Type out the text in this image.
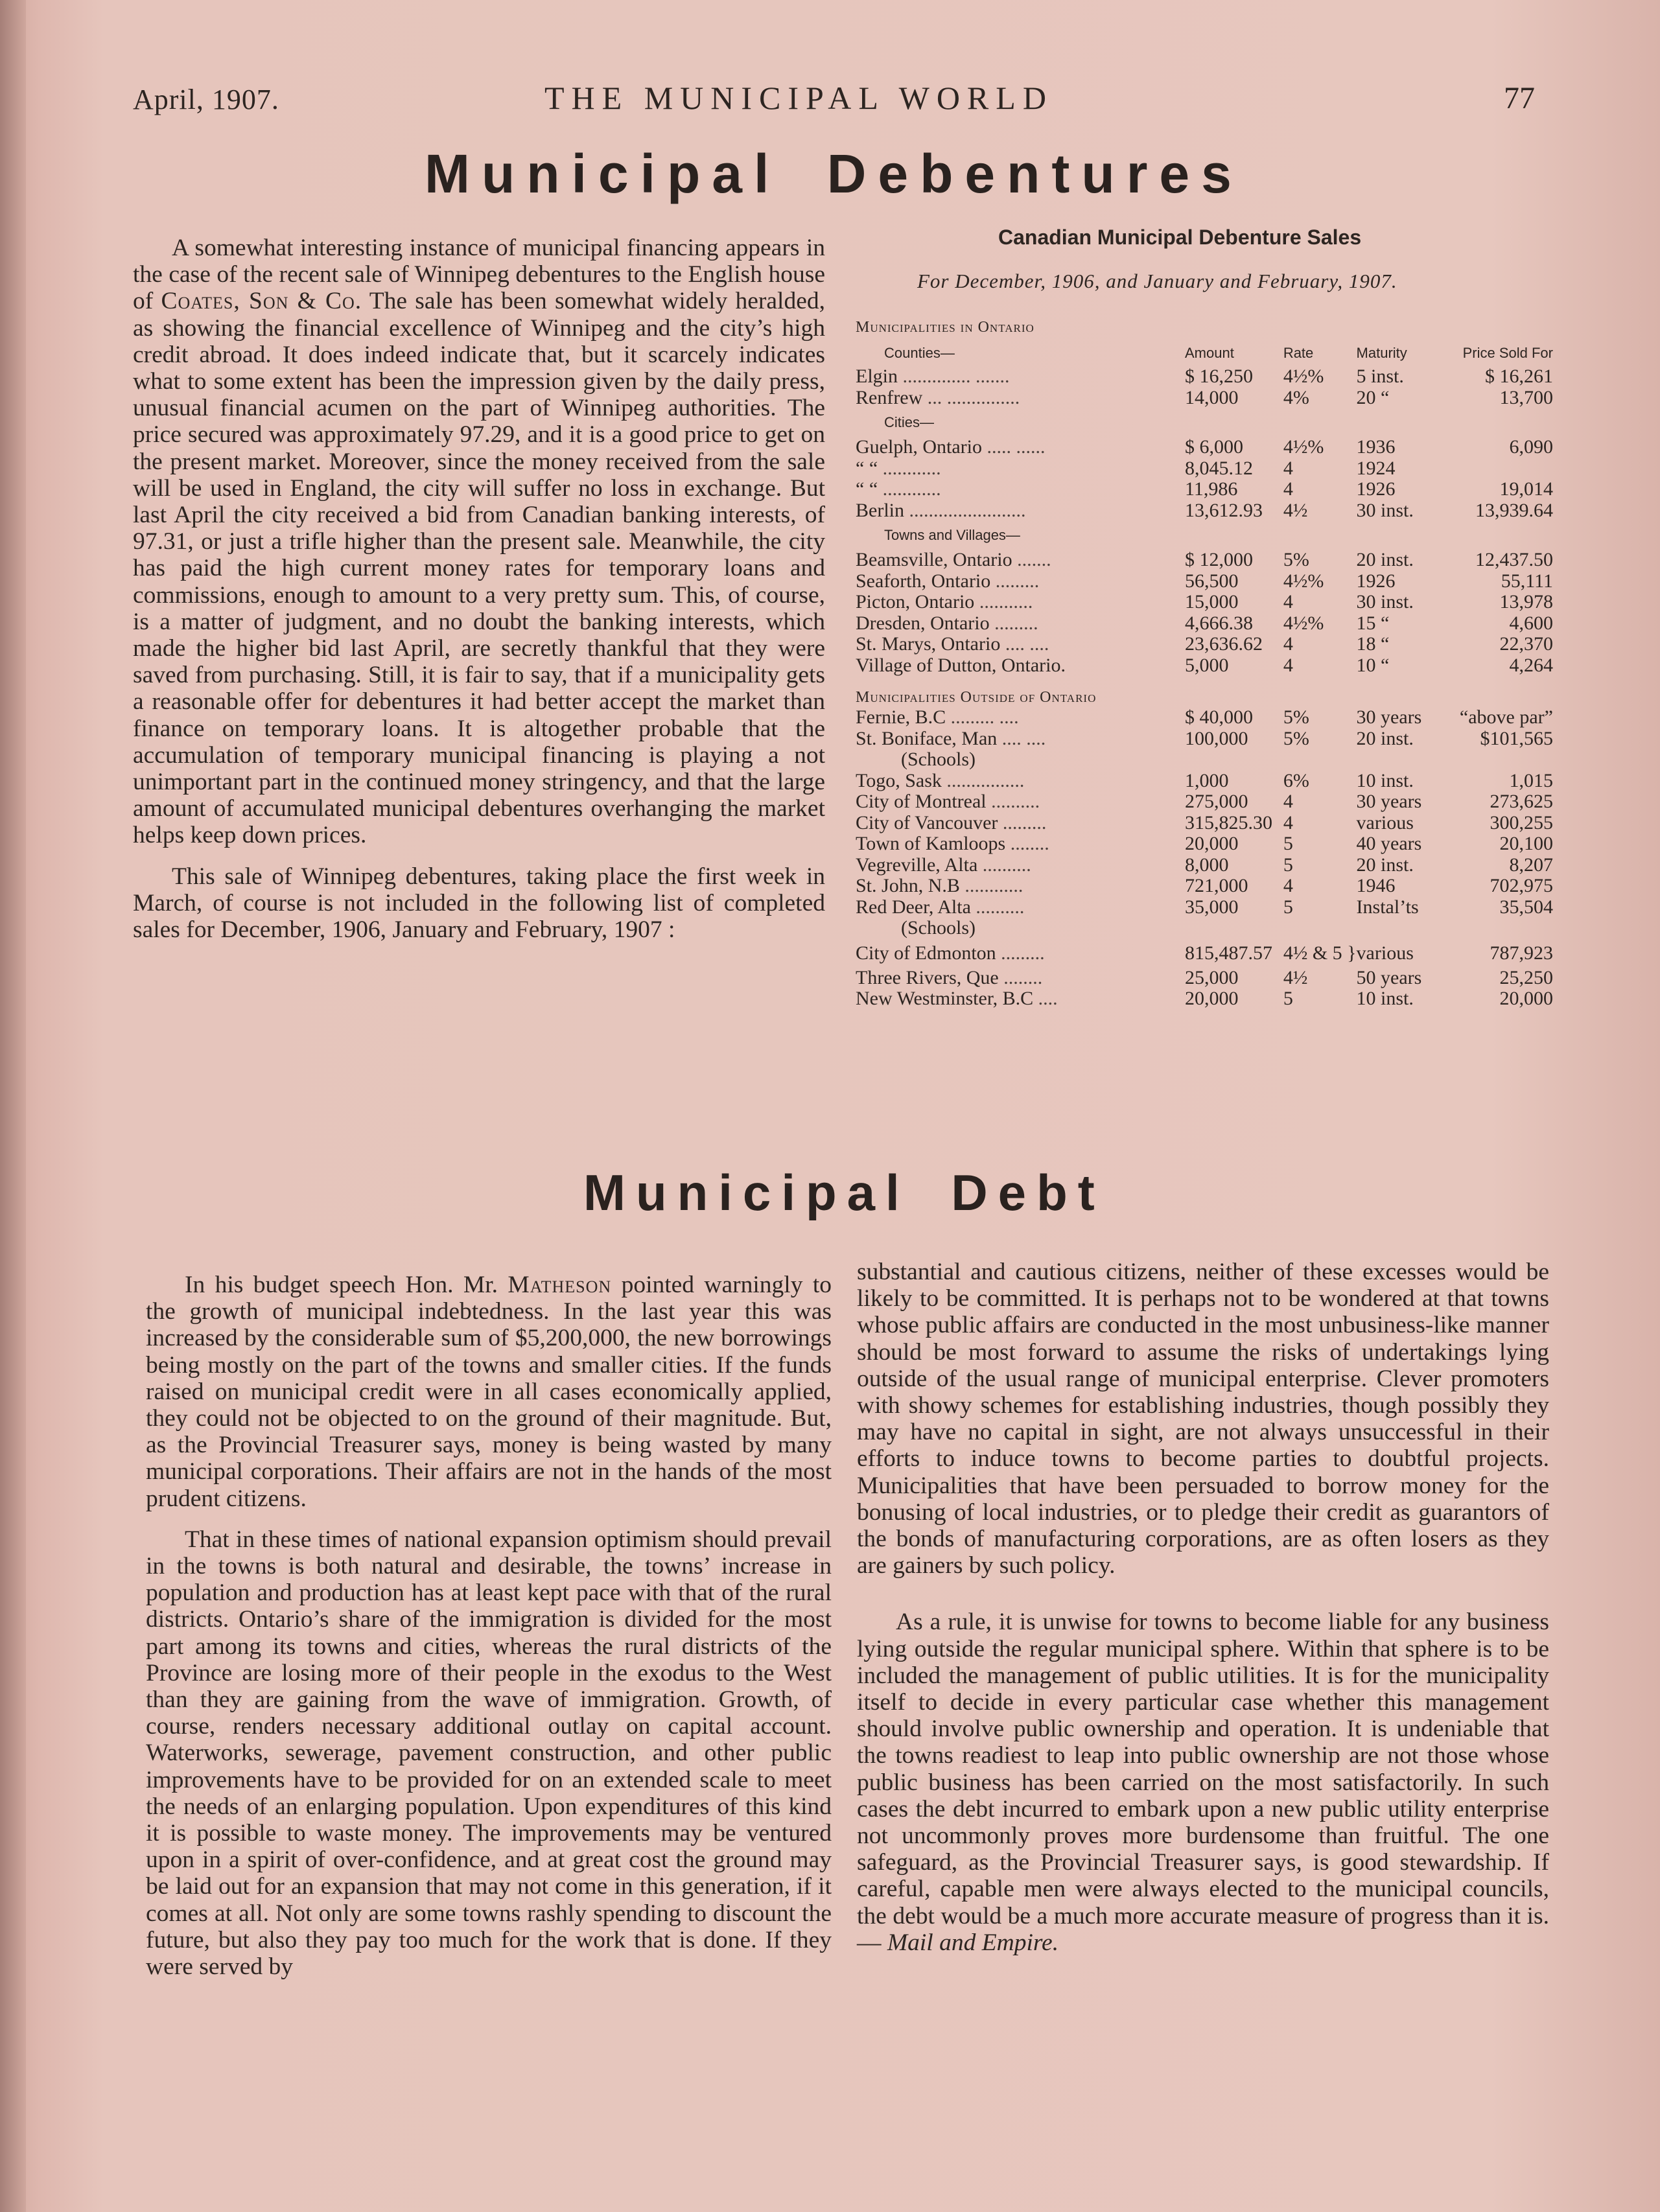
April, 1907.	THE MUNICIPAL WORLD	77
Municipal Debentures

A somewhat interesting instance of municipal financing appears in the case of the recent sale of Winnipeg debentures to the English house of Coates, Son & Co. The sale has been somewhat widely heralded, as showing the financial excellence of Winnipeg and the city’s high credit abroad. It does indeed indicate that, but it scarcely indicates what to some extent has been the impression given by the daily press, unusual financial acumen on the part of Winnipeg authorities. The price secured was approximately 97.29, and it is a good price to get on the present market. Moreover, since the money received from the sale will be used in England, the city will suffer no loss in exchange. But last April the city received a bid from Canadian banking interests, of 97.31, or just a trifle higher than the present sale. Meanwhile, the city has paid the high current money rates for temporary loans and commissions, enough to amount to a very pretty sum. This, of course, is a matter of judgment, and no doubt the banking interests, which made the higher bid last April, are secretly thankful that they were saved from purchasing. Still, it is fair to say, that if a municipality gets a reasonable offer for debentures it had better accept the market than finance on temporary loans. It is altogether probable that the accumulation of temporary municipal financing is playing a not unimportant part in the continued money stringency, and that the large amount of accumulated municipal debentures overhanging the market helps keep down prices.

This sale of Winnipeg debentures, taking place the first week in March, of course is not included in the following list of completed sales for December, 1906, January and February, 1907 :

Canadian Municipal Debenture Sales
For December, 1906, and January and February, 1907.
Municipalities in Ontario				
Counties—	Amount	Rate	Maturity	Price Sold For
Elgin .............. .......	$ 16,250	4½%	5 inst.	$ 16,261
Renfrew ... ...............	14,000	4%	20 “	13,700
Cities—				
Guelph, Ontario ..... ......	$ 6,000	4½%	1936	6,090
“ “ ............	8,045.12	4	1924	
“ “ ............	11,986	4	1926	19,014
Berlin ........................	13,612.93	4½	30 inst.	13,939.64
Towns and Villages—				
Beamsville, Ontario .......	$ 12,000	5%	20 inst.	12,437.50
Seaforth, Ontario .........	56,500	4½%	1926	55,111
Picton, Ontario ...........	15,000	4	30 inst.	13,978
Dresden, Ontario .........	4,666.38	4½%	15 “	4,600
St. Marys, Ontario .... ....	23,636.62	4	18 “	22,370
Village of Dutton, Ontario.	5,000	4	10 “	4,264

Municipalities Outside of Ontario				
Fernie, B.C ......... ....	$ 40,000	5%	30 years	“above par”
St. Boniface, Man .... ....	100,000	5%	20 inst.	$101,565
(Schools)				
Togo, Sask ................	1,000	6%	10 inst.	1,015
City of Montreal ..........	275,000	4	30 years	273,625
City of Vancouver .........	315,825.30	4	various	300,255
Town of Kamloops ........	20,000	5	40 years	20,100
Vegreville, Alta ..........	8,000	5	20 inst.	8,207
St. John, N.B ............	721,000	4	1946	702,975
Red Deer, Alta ..........	35,000	5	Instal’ts	35,504
(Schools)				
City of Edmonton .........	815,487.57	4½ & 5 }	various	787,923
Three Rivers, Que ........	25,000	4½	50 years	25,250
New Westminster, B.C ....	20,000	5	10 inst.	20,000
Municipal Debt

In his budget speech Hon. Mr. Matheson pointed warningly to the growth of municipal indebtedness. In the last year this was increased by the considerable sum of $5,200,000, the new borrowings being mostly on the part of the towns and smaller cities. If the funds raised on municipal credit were in all cases economically applied, they could not be objected to on the ground of their magnitude. But, as the Provincial Treasurer says, money is being wasted by many municipal corporations. Their affairs are not in the hands of the most prudent citizens.

That in these times of national expansion optimism should prevail in the towns is both natural and desirable, the towns’ increase in population and production has at least kept pace with that of the rural districts. Ontario’s share of the immigration is divided for the most part among its towns and cities, whereas the rural districts of the Province are losing more of their people in the exodus to the West than they are gaining from the wave of immigration. Growth, of course, renders necessary additional outlay on capital account. Waterworks, sewerage, pavement construction, and other public improvements have to be provided for on an extended scale to meet the needs of an enlarging population. Upon expenditures of this kind it is possible to waste money. The improvements may be ventured upon in a spirit of over-confidence, and at great cost the ground may be laid out for an expansion that may not come in this generation, if it comes at all. Not only are some towns rashly spending to discount the future, but also they pay too much for the work that is done. If they were served by

substantial and cautious citizens, neither of these excesses would be likely to be committed. It is perhaps not to be wondered at that towns whose public affairs are conducted in the most unbusiness-like manner should be most forward to assume the risks of undertakings lying outside of the usual range of municipal enterprise. Clever promoters with showy schemes for establishing industries, though possibly they may have no capital in sight, are not always unsuccessful in their efforts to induce towns to become parties to doubtful projects. Municipalities that have been persuaded to borrow money for the bonusing of local industries, or to pledge their credit as guarantors of the bonds of manufacturing corporations, are as often losers as they are gainers by such policy.

As a rule, it is unwise for towns to become liable for any business lying outside the regular municipal sphere. Within that sphere is to be included the management of public utilities. It is for the municipality itself to decide in every particular case whether this management should involve public ownership and operation. It is undeniable that the towns readiest to leap into public ownership are not those whose public business has been carried on the most satisfactorily. In such cases the debt incurred to embark upon a new public utility enterprise not uncommonly proves more burdensome than fruitful. The one safeguard, as the Provincial Treasurer says, is good stewardship. If careful, capable men were always elected to the municipal councils, the debt would be a much more accurate measure of progress than it is.— Mail and Empire.
